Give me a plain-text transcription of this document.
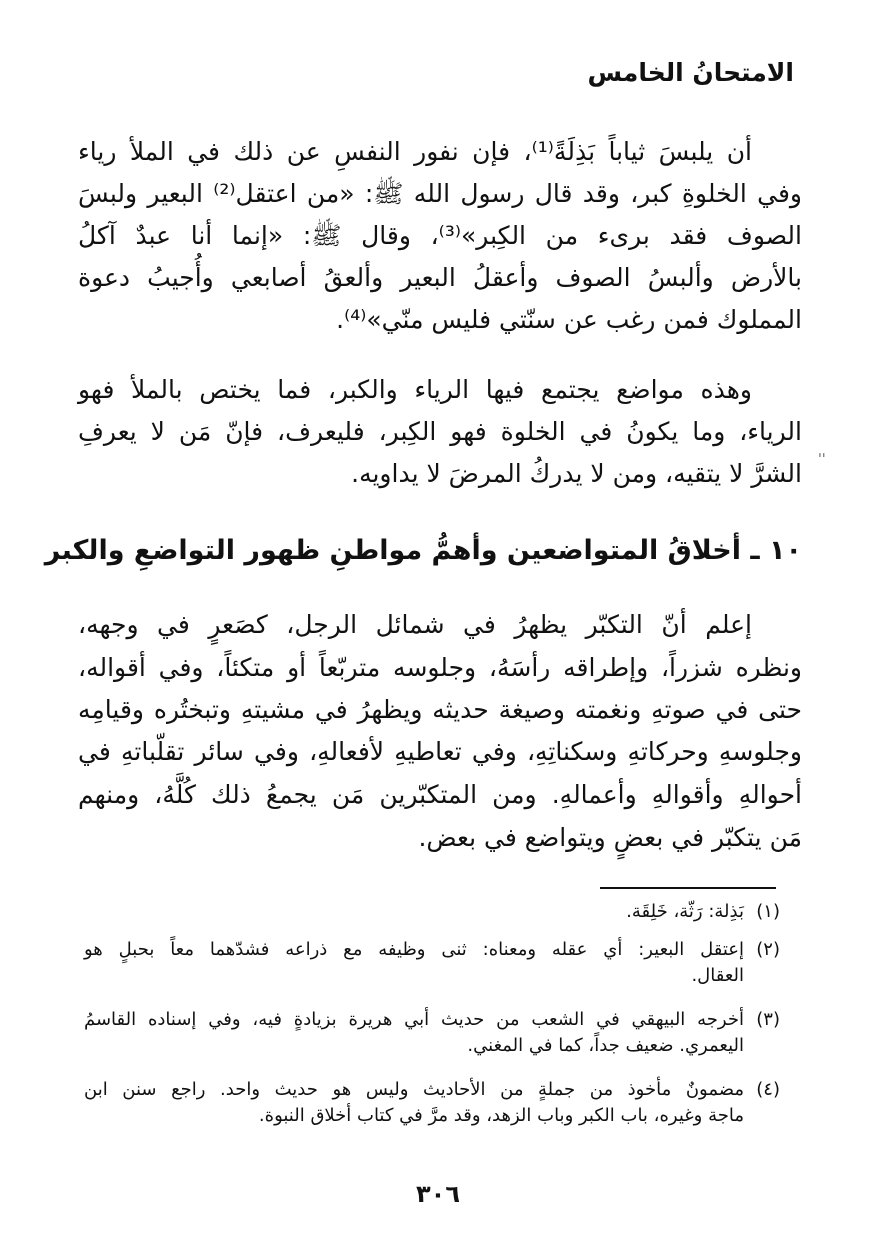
الامتحانُ الخامس
أن يلبسَ ثياباً بَذِلَةً⁽¹⁾، فإن نفور النفسِ عن ذلك في الملأ رياء
وفي الخلوةِ كبر، وقد قال رسول الله ﷺ: «من اعتقل⁽²⁾ البعير ولبسَ
الصوف فقد برىء من الكِبر»⁽³⁾، وقال ﷺ: «إنما أنا عبدٌ آكلُ
بالأرض وألبسُ الصوف وأعقلُ البعير وألعقُ أصابعي وأُجيبُ دعوة
المملوك فمن رغب عن سنّتي فليس منّي»⁽⁴⁾.
وهذه مواضع يجتمع فيها الرياء والكبر، فما يختص بالملأ فهو
الرياء، وما يكونُ في الخلوة فهو الكِبر، فليعرف، فإنّ مَن لا يعرفِ
الشرَّ لا يتقيه، ومن لا يدركُ المرضَ لا يداويه. ˈˈ
١٠ ـ أخلاقُ المتواضعين وأهمُّ مواطنِ ظهور التواضعِ والكبر
إعلم أنّ التكبّر يظهرُ في شمائل الرجل، كصَعرٍ في وجهه،
ونظره شزراً، وإطراقه رأسَهُ، وجلوسه متربّعاً أو متكئاً، وفي أقواله،
حتى في صوتهِ ونغمته وصيغة حديثه ويظهرُ في مشيتهِ وتبختُره وقيامِه
وجلوسهِ وحركاتهِ وسكناتِهِ، وفي تعاطيهِ لأفعالهِ، وفي سائر تقلّباتهِ في
أحوالهِ وأقوالهِ وأعمالهِ. ومن المتكبّرين مَن يجمعُ ذلك كُلَّهُ، ومنهم
مَن يتكبّر في بعضٍ ويتواضع في بعض.
(١)بَذِلة: رَثّة، خَلِقَة.
(٢)إعتقل البعير: أي عقله ومعناه: ثنى وظيفه مع ذراعه فشدّهما معاً بحبلٍ هو
العقال.
(٣)أخرجه البيهقي في الشعب من حديث أبي هريرة بزيادةٍ فيه، وفي إسناده القاسمُ
اليعمري. ضعيف جداً، كما في المغني.
(٤)مضمونٌ مأخوذ من جملةٍ من الأحاديث وليس هو حديث واحد. راجع سنن ابن
ماجة وغيره، باب الكبر وباب الزهد، وقد مرَّ في كتاب أخلاق النبوة.
٣٠٦
